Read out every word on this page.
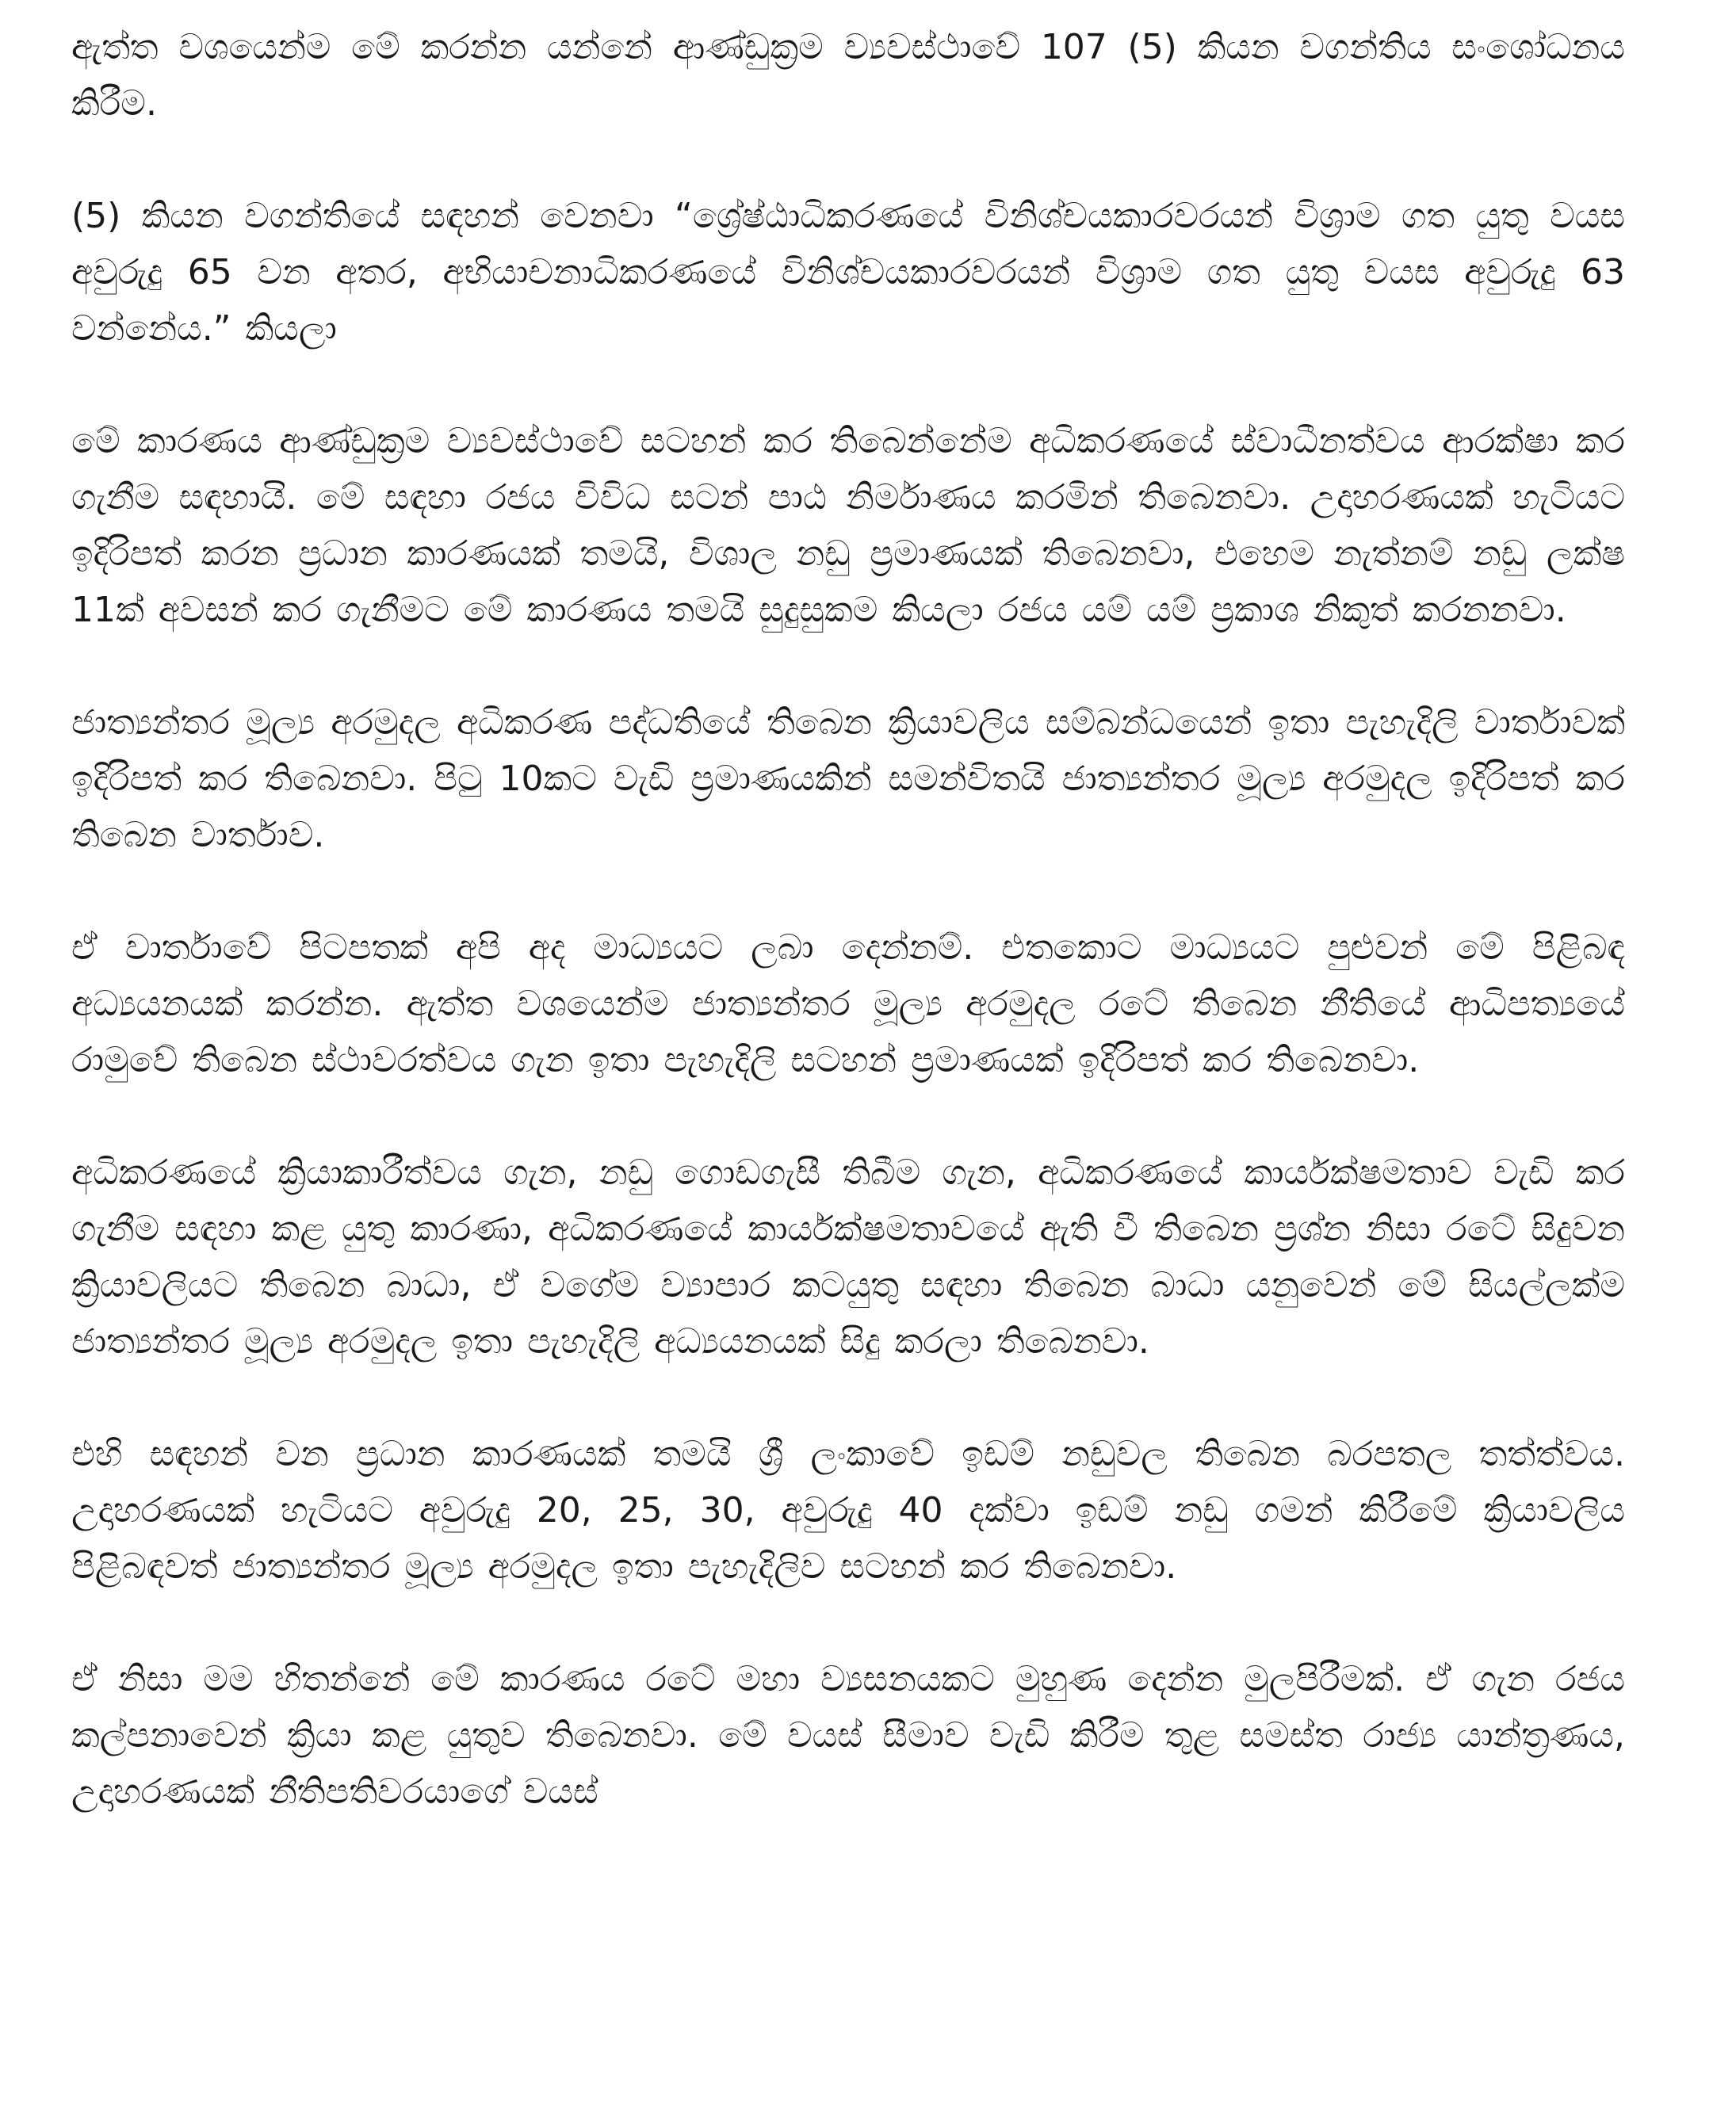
ඇත්ත වශයෙන්ම මේ කරන්න යන්නේ ආණ්ඩුක්‍රම ව්‍යවස්ථාවේ 107 (5) කියන වගන්තිය සංශෝධනය කිරීම.

(5) කියන වගන්තියේ සඳහන් වෙනවා “ශ්‍රේෂ්ඨාධිකරණයේ විනිශ්චයකාරවරයන් විශ්‍රාම ගත යුතු වයස අවුරුදු 65 වන අතර, අභියාචනාධිකරණයේ විනිශ්චයකාරවරයන් විශ්‍රාම ගත යුතු වයස අවුරුදු 63 වන්නේය.” කියලා

මේ කාරණය ආණ්ඩුක්‍රම ව්‍යවස්ථාවේ සටහන් කර තිබෙන්නේම අධිකරණයේ ස්වාධීනත්වය ආරක්ෂා කර ගැනීම සඳහායි. මේ සඳහා රජය විවිධ සටන් පාඨ නිර්මාණය කරමින් තිබෙනවා. උදාහරණයක් හැටියට ඉදිරිපත් කරන ප්‍රධාන කාරණයක් තමයි, විශාල නඩු ප්‍රමාණයක් තිබෙනවා, එහෙම නැත්නම් නඩු ලක්ෂ 11ක් අවසන් කර ගැනීමට මේ කාරණය තමයි සුදුසුකම කියලා රජය යම් යම් ප්‍රකාශ නිකුත් කරනනවා.

ජාත්‍යන්තර මූල්‍ය අරමුදල අධිකරණ පද්ධතියේ තිබෙන ක්‍රියාවලිය සම්බන්ධයෙන් ඉතා පැහැදිලි වාර්තාවක් ඉදිරිපත් කර තිබෙනවා. පිටු 10කට වැඩි ප්‍රමාණයකින් සමන්විතයි ජාත්‍යන්තර මූල්‍ය අරමුදල ඉදිරිපත් කර තිබෙන වාර්තාව.

ඒ වාර්තාවේ පිටපතක් අපි අද මාධ්‍යයට ලබා දෙන්නම්. එතකොට මාධ්‍යයට පුළුවන් මේ පිළිබඳ අධ්‍යයනයක් කරන්න. ඇත්ත වශයෙන්ම ජාත්‍යන්තර මූල්‍ය අරමුදල රටේ තිබෙන නීතියේ ආධිපත්‍යයේ රාමුවේ තිබෙන ස්ථාවරත්වය ගැන ඉතා පැහැදිලි සටහන් ප්‍රමාණයක් ඉදිරිපත් කර තිබෙනවා.

අධිකරණයේ ක්‍රියාකාරීත්වය ගැන, නඩු ගොඩගැසී තිබීම ගැන, අධිකරණයේ කාර්යක්ෂමතාව වැඩි කර ගැනීම සඳහා කළ යුතු කාරණා, අධිකරණයේ කාර්යක්ෂමතාවයේ ඇති වී තිබෙන ප්‍රශ්න නිසා රටේ සිදුවන ක්‍රියාවලියට තිබෙන බාධා, ඒ වගේම ව්‍යාපාර කටයුතු සඳහා තිබෙන බාධා යනුවෙන් මේ සියල්ලක්ම ජාත්‍යන්තර මූල්‍ය අරමුදල ඉතා පැහැදිලි අධ්‍යයනයක් සිදු කරලා තිබෙනවා.

එහි සඳහන් වන ප්‍රධාන කාරණයක් තමයි ශ්‍රී ලංකාවේ ඉඩම් නඩුවල තිබෙන බරපතල තත්ත්වය. උදාහරණයක් හැටියට අවුරුදු 20, 25, 30, අවුරුදු 40 දක්වා ඉඩම් නඩු ගමන් කිරීමේ ක්‍රියාවලිය පිළිබඳවත් ජාත්‍යන්තර මූල්‍ය අරමුදල ඉතා පැහැදිලිව සටහන් කර තිබෙනවා.

ඒ නිසා මම හිතන්නේ මේ කාරණය රටේ මහා ව්‍යසනයකට මුහුණ දෙන්න මුලපිරීමක්. ඒ ගැන රජය කල්පනාවෙන් ක්‍රියා කළ යුතුව තිබෙනවා. මේ වයස් සීමාව වැඩි කිරීම තුළ සමස්ත රාජ්‍ය යාන්ත්‍රණය, උදාහරණයක් නීතිපතිවරයාගේ වයස්
